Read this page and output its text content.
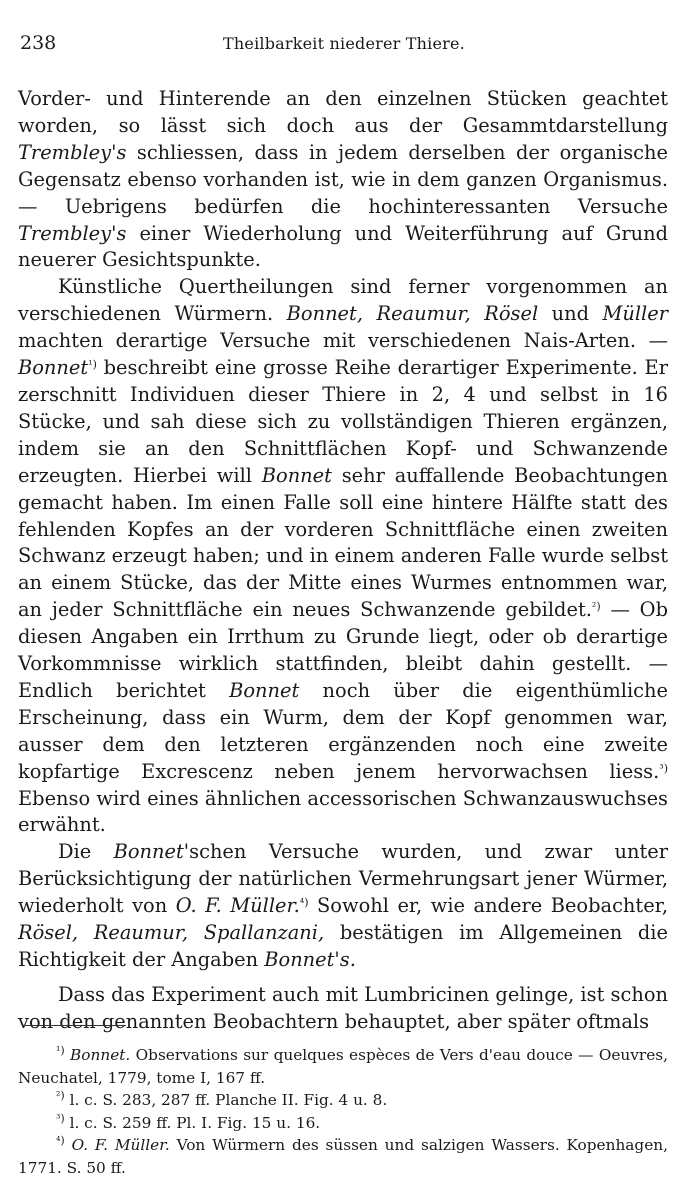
238	Theilbarkeit niederer Thiere.

Vorder- und Hinterende an den einzelnen Stücken geachtet worden, so lässt sich doch aus der Gesammtdarstellung Trembley's schliessen, dass in jedem derselben der organische Gegensatz ebenso vorhanden ist, wie in dem ganzen Organismus. — Uebrigens bedürfen die hochinteressanten Versuche Trembley's einer Wiederholung und Weiterführung auf Grund neuerer Gesichtspunkte.

Künstliche Quertheilungen sind ferner vorgenommen an verschiedenen Würmern. Bonnet, Reaumur, Rösel und Müller machten derartige Versuche mit verschiedenen Nais-Arten. — Bonnet$^{^1)}$ beschreibt eine grosse Reihe derartiger Experimente. Er zerschnitt Individuen dieser Thiere in 2, 4 und selbst in 16 Stücke, und sah diese sich zu vollständigen Thieren ergänzen, indem sie an den Schnittflächen Kopf- und Schwanzende erzeugten. Hierbei will Bonnet sehr auffallende Beobachtungen gemacht haben. Im einen Falle soll eine hintere Hälfte statt des fehlenden Kopfes an der vorderen Schnittfläche einen zweiten Schwanz erzeugt haben; und in einem anderen Falle wurde selbst an einem Stücke, das der Mitte eines Wurmes entnommen war, an jeder Schnittfläche ein neues Schwanzende gebildet.$^{^2)}$ — Ob diesen Angaben ein Irrthum zu Grunde liegt, oder ob derartige Vorkommnisse wirklich stattfinden, bleibt dahin gestellt. — Endlich berichtet Bonnet noch über die eigenthümliche Erscheinung, dass ein Wurm, dem der Kopf genommen war, ausser dem den letzteren ergänzenden noch eine zweite kopfartige Excrescenz neben jenem hervorwachsen liess.$^{^3)}$ Ebenso wird eines ähnlichen accessorischen Schwanzauswuchses erwähnt.

Die Bonnet'schen Versuche wurden, und zwar unter Berücksichtigung der natürlichen Vermehrungsart jener Würmer, wiederholt von O. F. Müller.$^{^4)}$ Sowohl er, wie andere Beobachter, Rösel, Reaumur, Spallanzani, bestätigen im Allgemeinen die Richtigkeit der Angaben Bonnet's.

Dass das Experiment auch mit Lumbricinen gelinge, ist schon von den genannten Beobachtern behauptet, aber später oftmals

$^{^1)}$ Bonnet. Observations sur quelques espèces de Vers d'eau douce — Oeuvres, Neuchatel, 1779, tome I, 167 ff.

$^{^2)}$ l. c. S. 283, 287 ff. Planche II. Fig. 4 u. 8.

$^{^3)}$ l. c. S. 259 ff. Pl. I. Fig. 15 u. 16.

$^{^4)}$ O. F. Müller. Von Würmern des süssen und salzigen Wassers. Kopenhagen, 1771. S. 50 ff.
